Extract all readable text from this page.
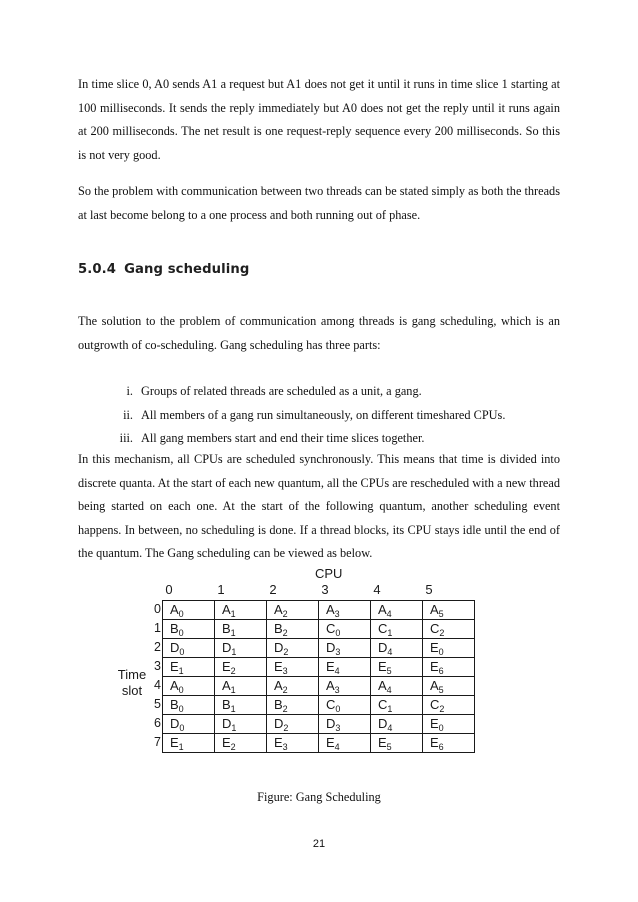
In time slice 0, A0 sends A1 a request but A1 does not get it until it runs in time slice 1 starting at 100 milliseconds. It sends the reply immediately but A0 does not get the reply until it runs again at 200 milliseconds. The net result is one request-reply sequence every 200 milliseconds. So this is not very good.

So the problem with communication between two threads can be stated simply as both the threads at last become belong to a one process and both running out of phase.

5.0.4 Gang scheduling

The solution to the problem of communication among threads is gang scheduling, which is an outgrowth of co-scheduling. Gang scheduling has three parts:

i. Groups of related threads are scheduled as a unit, a gang.
ii. All members of a gang run simultaneously, on different timeshared CPUs.
iii. All gang members start and end their time slices together.

In this mechanism, all CPUs are scheduled synchronously. This means that time is divided into discrete quanta. At the start of each new quantum, all the CPUs are rescheduled with a new thread being started on each one. At the start of the following quantum, another scheduling event happens. In between, no scheduling is done. If a thread blocks, its CPU stays idle until the end of the quantum. The Gang scheduling can be viewed as below.

CPU
0	1	2	3	4	5
0
1
2
3
4
5
6
7
Time
slot
$A_0$	$A_1$	$A_2$	$A_3$	$A_4$	$A_5$
$B_0$	$B_1$	$B_2$	$C_0$	$C_1$	$C_2$
$D_0$	$D_1$	$D_2$	$D_3$	$D_4$	$E_0$
$E_1$	$E_2$	$E_3$	$E_4$	$E_5$	$E_6$
$A_0$	$A_1$	$A_2$	$A_3$	$A_4$	$A_5$
$B_0$	$B_1$	$B_2$	$C_0$	$C_1$	$C_2$
$D_0$	$D_1$	$D_2$	$D_3$	$D_4$	$E_0$
$E_1$	$E_2$	$E_3$	$E_4$	$E_5$	$E_6$
Figure: Gang Scheduling
21
